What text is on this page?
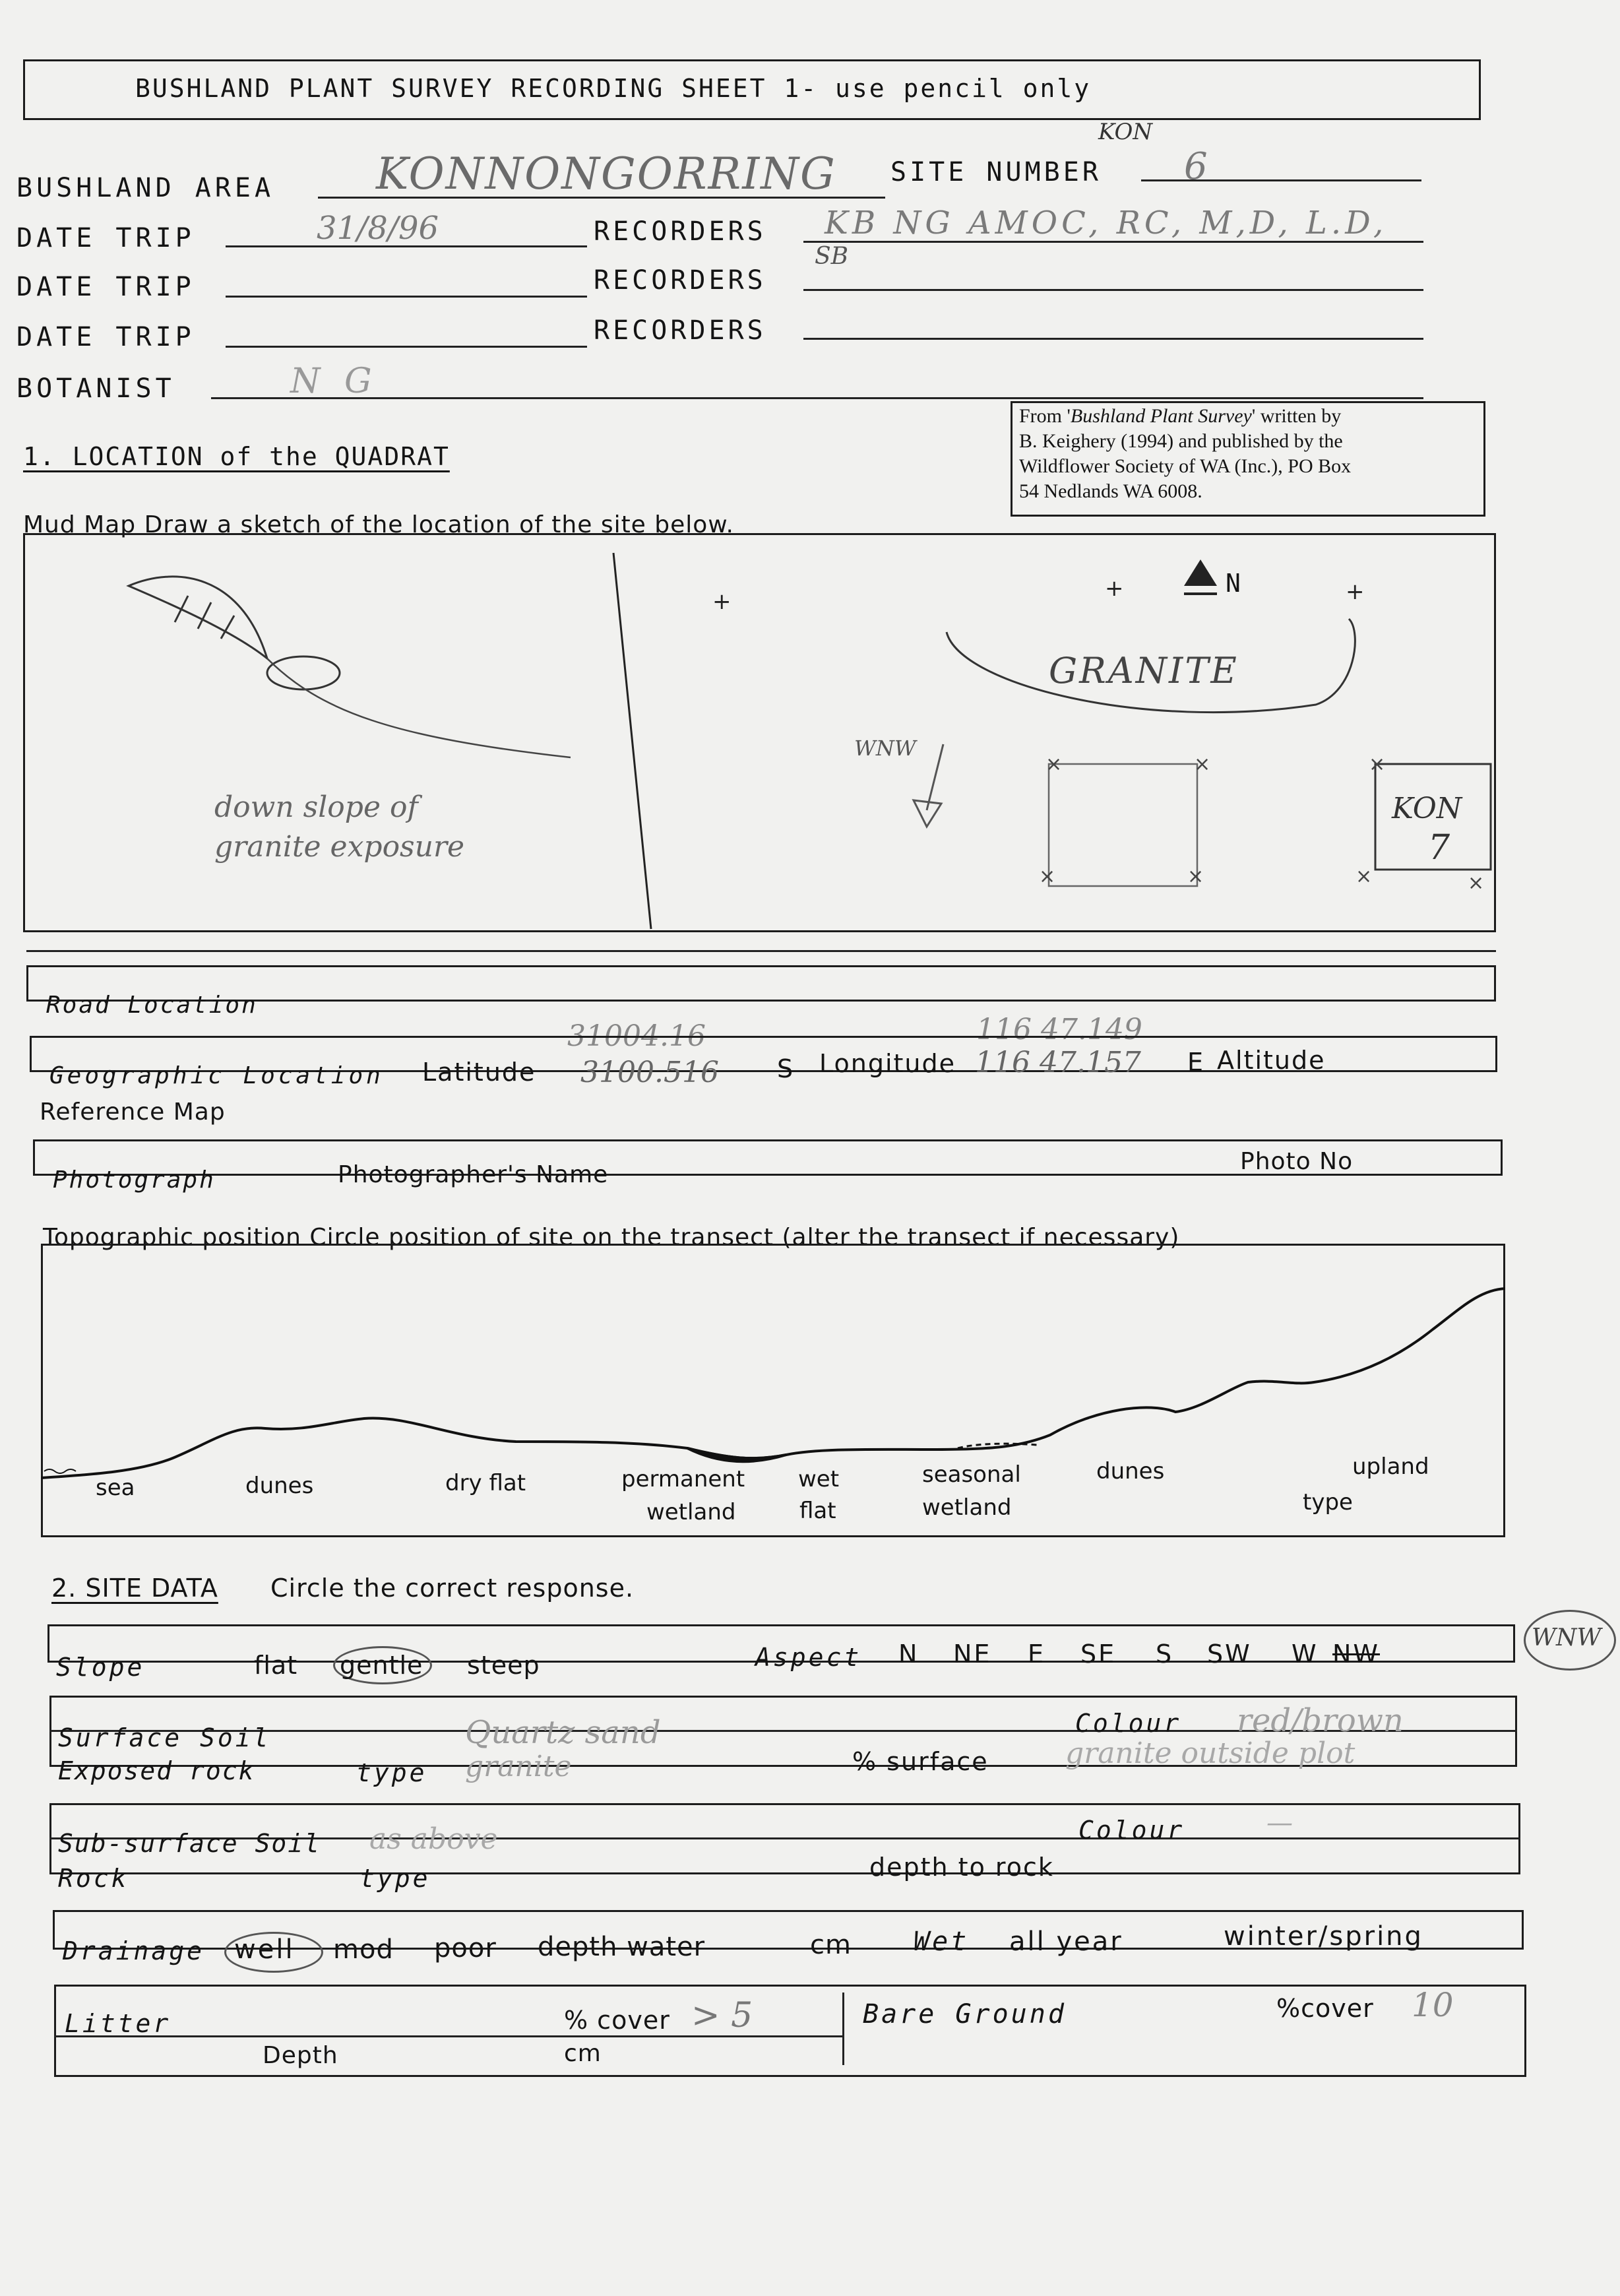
BUSHLAND PLANT SURVEY RECORDING SHEET 1- use pencil only
BUSHLAND AREA KONNONGORRING SITE NUMBER
KON
6
DATE TRIP	31/8/96	RECORDERS KB NG AMOC, RC, M,D, L.D,
SB
DATE TRIP	RECORDERS
DATE TRIP	RECORDERS
BOTANIST	N G
From 'Bushland Plant Survey' written by
B. Keighery (1994) and published by the
Wildflower Society of WA (Inc.), PO Box
54 Nedlands WA 6008.
1. LOCATION of the QUADRAT
Mud Map Draw a sketch of the location of the site below.
+	+	+
×	×
×	×
×
×	×
down slope of
granite exposure
GRANITE
N
WNW
KON
7
Road Location
31004.16	116 47.149
Geographic Location Latitude 3100.516 S Longitude 116 47.157 E Altitude
Reference Map
Photograph	Photographer's Name	Photo No
Topographic position Circle position of site on the transect (alter the transect if necessary)
sea	dunes	dry flat	permanent
wetland
wet
flat
seasonal
wetland
dunes	upland
type
2. SITE DATA Circle the correct response.
Slope	flat gentle steep	Aspect N NE E SE S SW W NW
WNW
Surface Soil	Quartz sand	Colour red/brown
Exposed rock	type granite	% surface	granite outside plot
Sub-surface Soil as above	Colour	—
Rock	type	depth to rock
Drainage well mod poor depth water	cm Wet all year	winter/spring
Litter	% cover > 5
Depth	cm
Bare Ground	%cover 10
